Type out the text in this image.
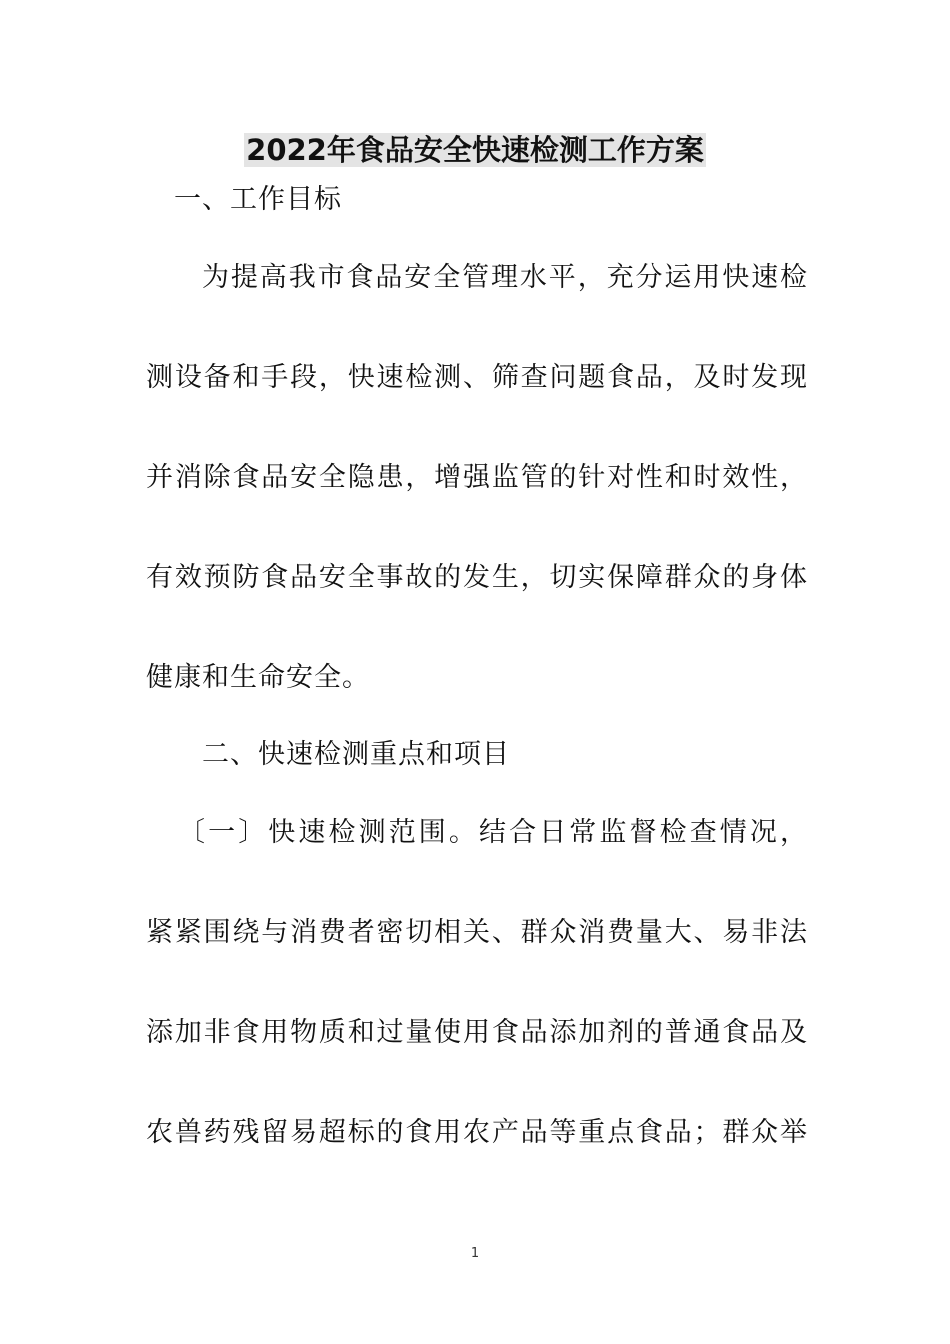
2022年食品安全快速检测工作方案
一、工作目标
为提高我市食品安全管理水平，充分运用快速检
测设备和手段，快速检测、筛查问题食品，及时发现
并消除食品安全隐患，增强监管的针对性和时效性，
有效预防食品安全事故的发生，切实保障群众的身体
健康和生命安全。
二、快速检测重点和项目
〔一〕快速检测范围。结合日常监督检查情况，
紧紧围绕与消费者密切相关、群众消费量大、易非法
添加非食用物质和过量使用食品添加剂的普通食品及
农兽药残留易超标的食用农产品等重点食品；群众举
1
